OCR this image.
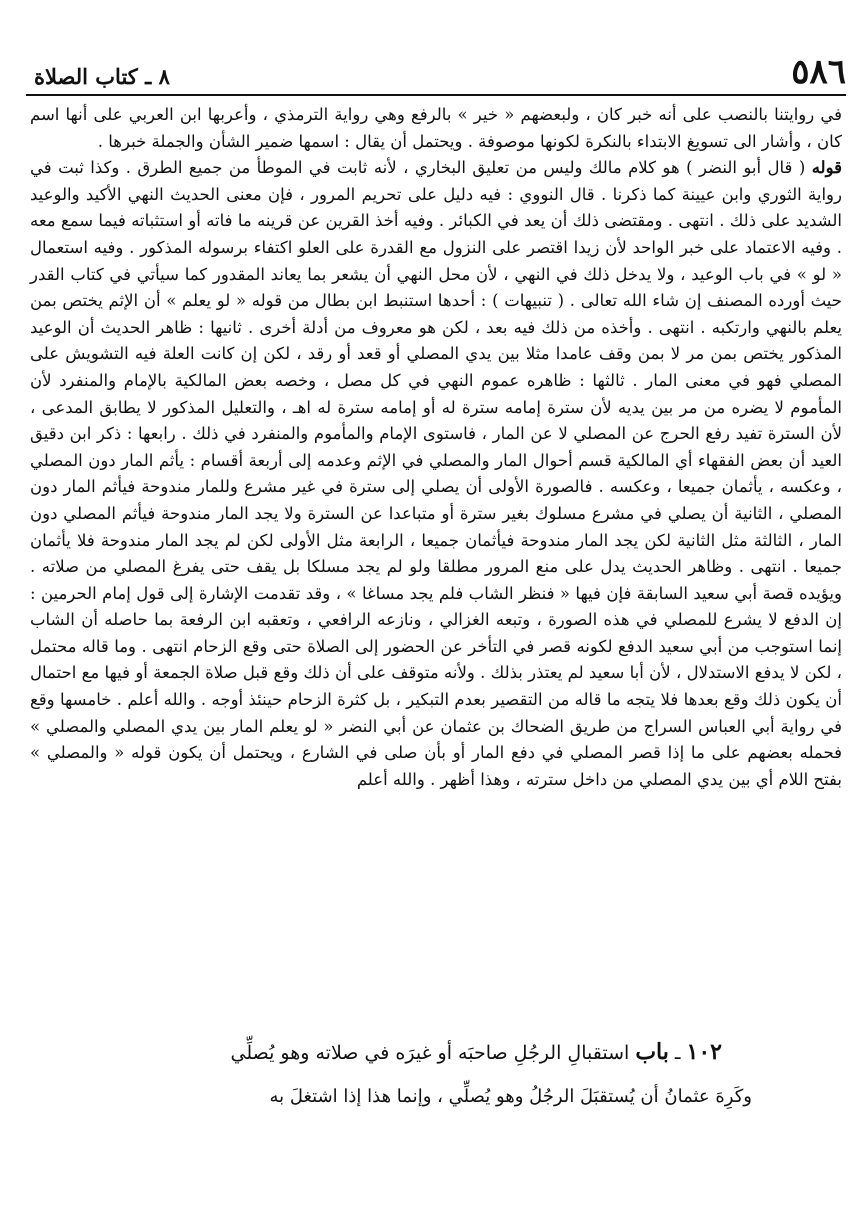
٥٨٦
٨ ـ كتاب الصلاة

في روايتنا بالنصب على أنه خبر كان ، ولبعضهم « خير » بالرفع وهي رواية الترمذي ، وأعربها ابن العربي على أنها اسم كان ، وأشار الى تسويغ الابتداء بالنكرة لكونها موصوفة . ويحتمل أن يقال : اسمها ضمير الشأن والجملة خبرها .

قوله ( قال أبو النضر ) هو كلام مالك وليس من تعليق البخاري ، لأنه ثابت في الموطأ من جميع الطرق . وكذا ثبت في رواية الثوري وابن عيينة كما ذكرنا . قال النووي : فيه دليل على تحريم المرور ، فإن معنى الحديث النهي الأكيد والوعيد الشديد على ذلك . انتهى . ومقتضى ذلك أن يعد في الكبائر . وفيه أخذ القرين عن قرينه ما فاته أو استثباته فيما سمع معه . وفيه الاعتماد على خبر الواحد لأن زيدا اقتصر على النزول مع القدرة على العلو اكتفاء برسوله المذكور . وفيه استعمال « لو » في باب الوعيد ، ولا يدخل ذلك في النهي ، لأن محل النهي أن يشعر بما يعاند المقدور كما سيأتي في كتاب القدر حيث أورده المصنف إن شاء الله تعالى . ( تنبيهات ) : أحدها استنبط ابن بطال من قوله « لو يعلم » أن الإثم يختص بمن يعلم بالنهي وارتكبه . انتهى . وأخذه من ذلك فيه بعد ، لكن هو معروف من أدلة أخرى . ثانيها : ظاهر الحديث أن الوعيد المذكور يختص بمن مر لا بمن وقف عامدا مثلا بين يدي المصلي أو قعد أو رقد ، لكن إن كانت العلة فيه التشويش على المصلي فهو في معنى المار . ثالثها : ظاهره عموم النهي في كل مصل ، وخصه بعض المالكية بالإمام والمنفرد لأن المأموم لا يضره من مر بين يديه لأن سترة إمامه سترة له أو إمامه سترة له اهـ ، والتعليل المذكور لا يطابق المدعى ، لأن السترة تفيد رفع الحرج عن المصلي لا عن المار ، فاستوى الإمام والمأموم والمنفرد في ذلك . رابعها : ذكر ابن دقيق العيد أن بعض الفقهاء أي المالكية قسم أحوال المار والمصلي في الإثم وعدمه إلى أربعة أقسام : يأثم المار دون المصلي ، وعكسه ، يأثمان جميعا ، وعكسه . فالصورة الأولى أن يصلي إلى سترة في غير مشرع وللمار مندوحة فيأثم المار دون المصلي ، الثانية أن يصلي في مشرع مسلوك بغير سترة أو متباعدا عن السترة ولا يجد المار مندوحة فيأثم المصلي دون المار ، الثالثة مثل الثانية لكن يجد المار مندوحة فيأثمان جميعا ، الرابعة مثل الأولى لكن لم يجد المار مندوحة فلا يأثمان جميعا . انتهى . وظاهر الحديث يدل على منع المرور مطلقا ولو لم يجد مسلكا بل يقف حتى يفرغ المصلي من صلاته . ويؤيده قصة أبي سعيد السابقة فإن فيها « فنظر الشاب فلم يجد مساغا » ، وقد تقدمت الإشارة إلى قول إمام الحرمين : إن الدفع لا يشرع للمصلي في هذه الصورة ، وتبعه الغزالي ، ونازعه الرافعي ، وتعقبه ابن الرفعة بما حاصله أن الشاب إنما استوجب من أبي سعيد الدفع لكونه قصر في التأخر عن الحضور إلى الصلاة حتى وقع الزحام انتهى . وما قاله محتمل ، لكن لا يدفع الاستدلال ، لأن أبا سعيد لم يعتذر بذلك . ولأنه متوقف على أن ذلك وقع قبل صلاة الجمعة أو فيها مع احتمال أن يكون ذلك وقع بعدها فلا يتجه ما قاله من التقصير بعدم التبكير ، بل كثرة الزحام حينئذ أوجه . والله أعلم . خامسها وقع في رواية أبي العباس السراج من طريق الضحاك بن عثمان عن أبي النضر « لو يعلم المار بين يدي المصلي والمصلي » فحمله بعضهم على ما إذا قصر المصلي في دفع المار أو بأن صلى في الشارع ، ويحتمل أن يكون قوله « والمصلي » بفتح اللام أي بين يدي المصلي من داخل سترته ، وهذا أظهر . والله أعلم

١٠٢ ـ باب استقبالِ الرجُلِ صاحبَه أو غيرَه في صلاته وهو يُصلِّي
وكَرِهَ عثمانُ أن يُستقبَلَ الرجُلُ وهو يُصلِّي ، وإنما هذا إذا اشتغلَ به
